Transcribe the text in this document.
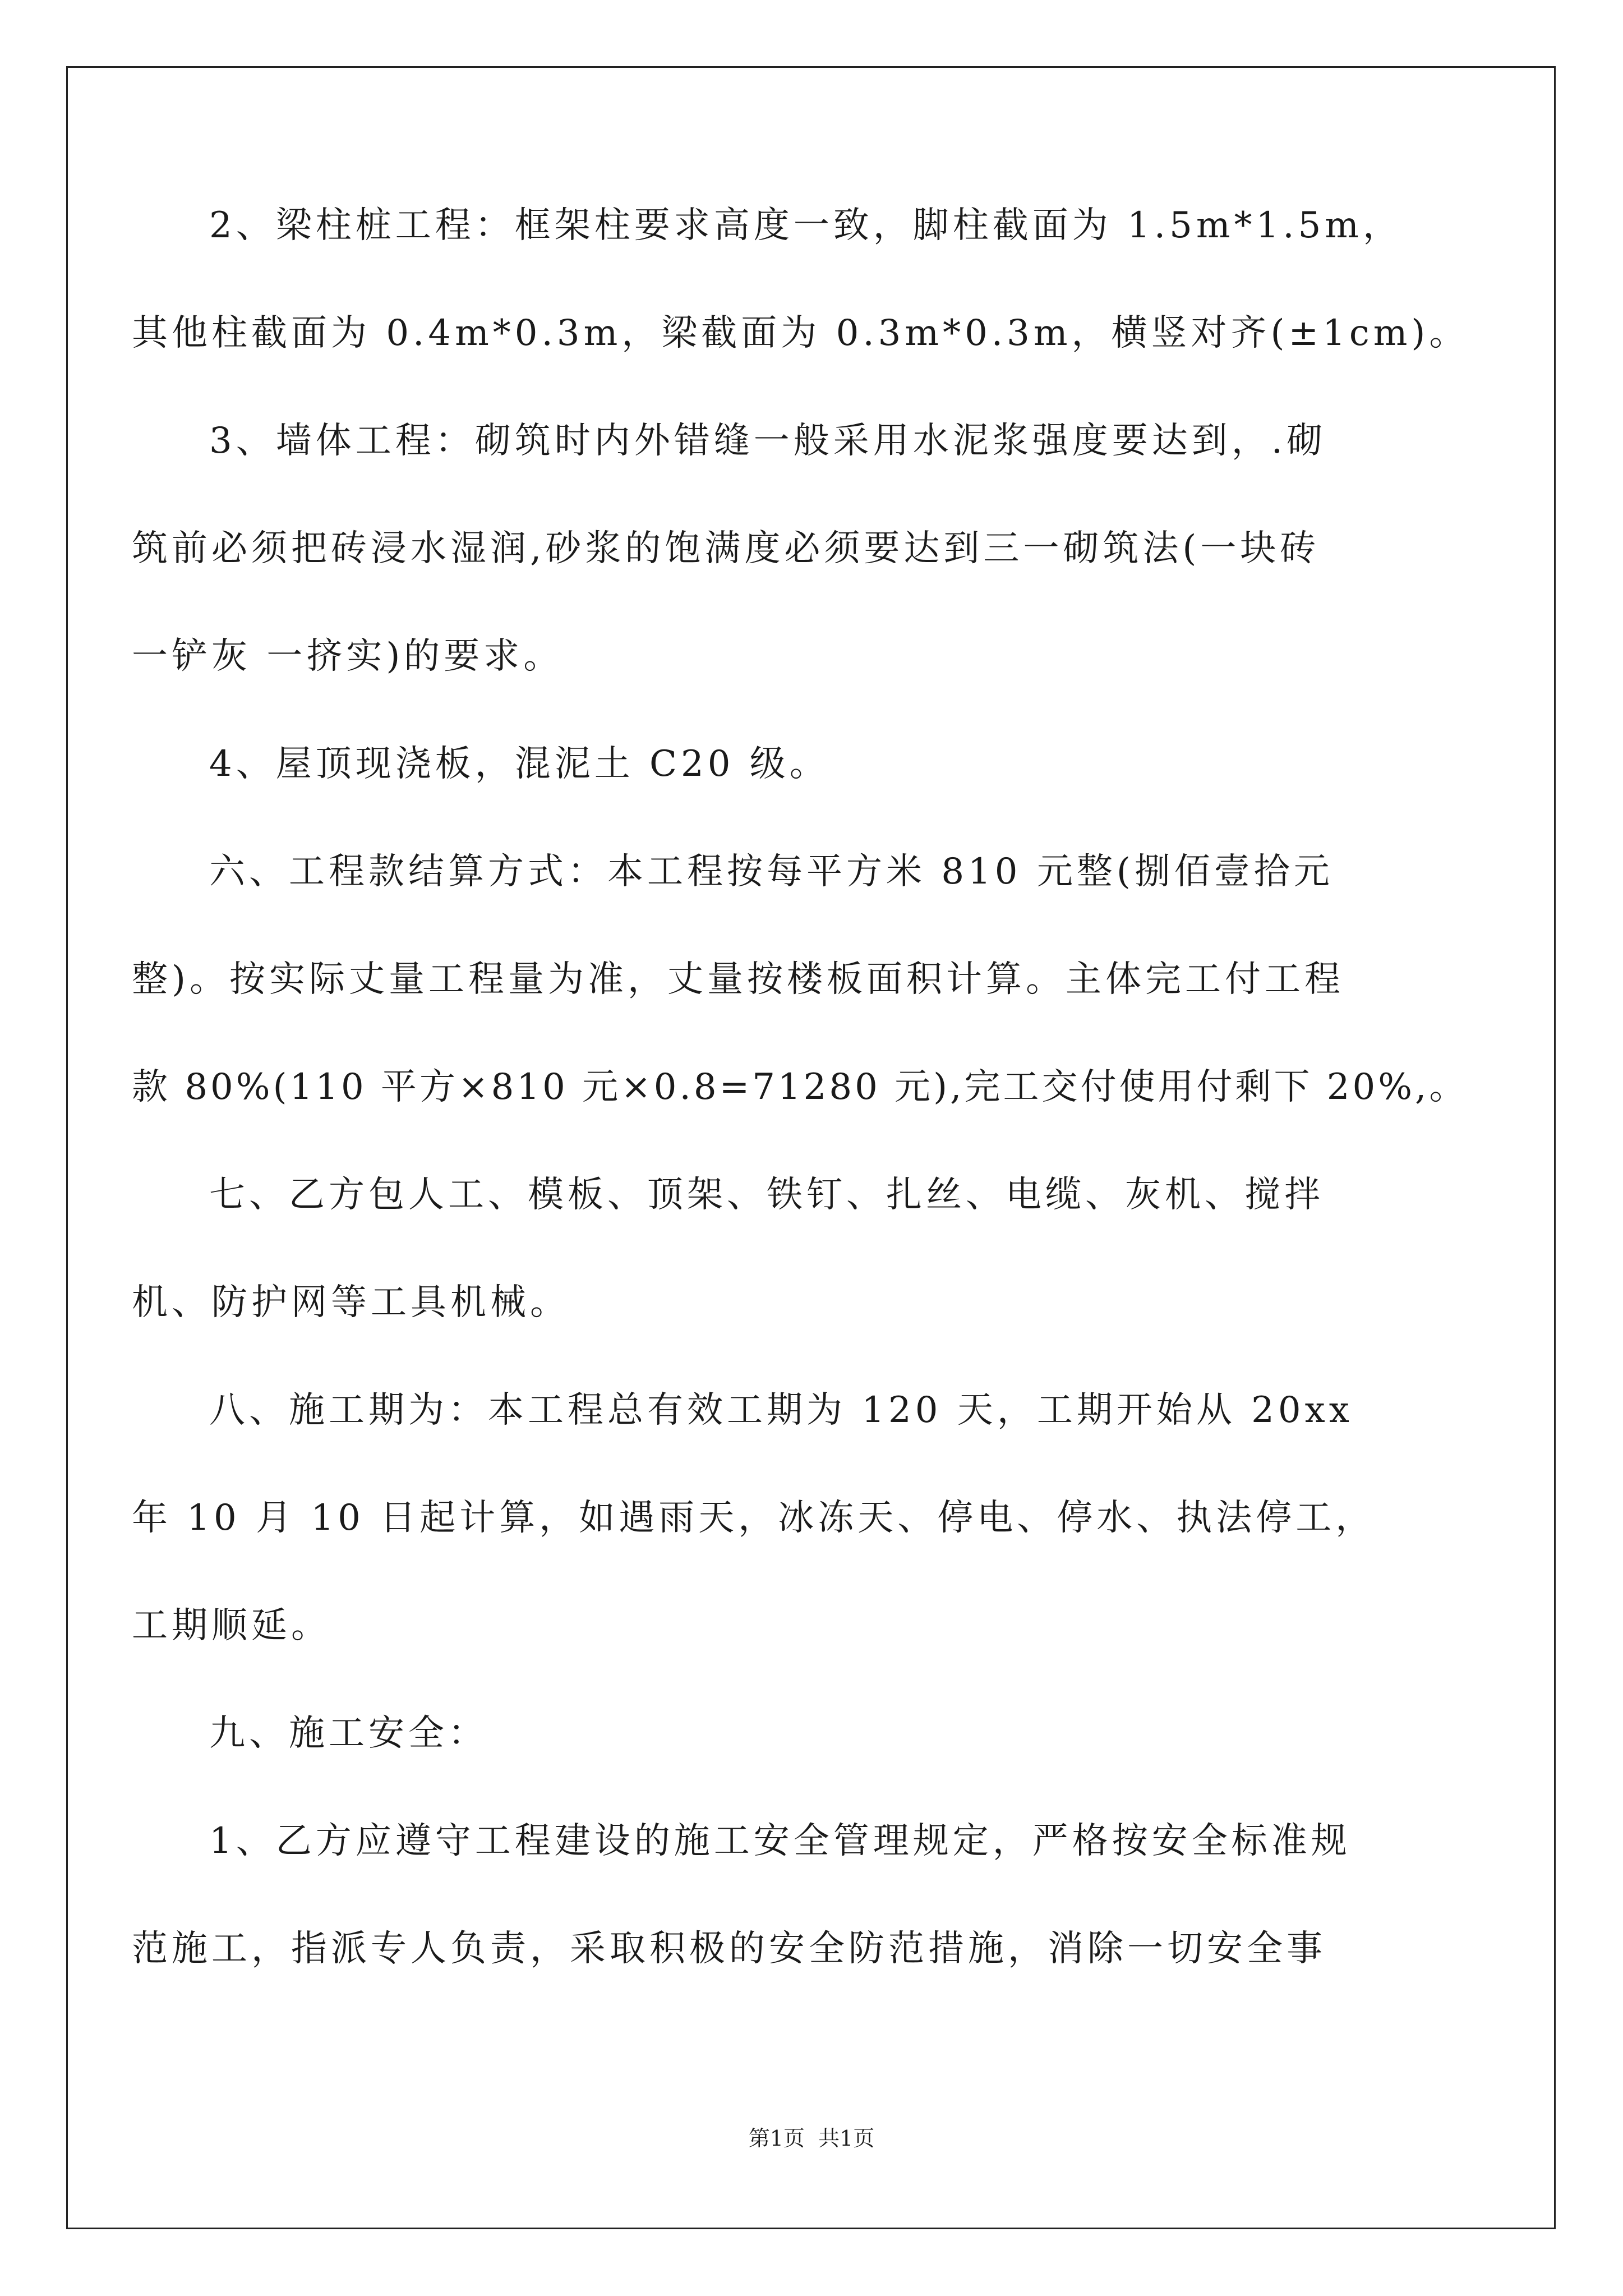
2、梁柱桩工程：框架柱要求高度一致，脚柱截面为 1.5m*1.5m，
其他柱截面为 0.4m*0.3m，梁截面为 0.3m*0.3m，横竖对齐(±1cm)。
3、墙体工程：砌筑时内外错缝一般采用水泥浆强度要达到，.砌
筑前必须把砖浸水湿润,砂浆的饱满度必须要达到三一砌筑法(一块砖
一铲灰 一挤实)的要求。
4、屋顶现浇板，混泥土 C20 级。
六、工程款结算方式：本工程按每平方米 810 元整(捌佰壹拾元
整)。按实际丈量工程量为准，丈量按楼板面积计算。主体完工付工程
款 80%(110 平方×810 元×0.8=71280 元),完工交付使用付剩下 20%,。
七、乙方包人工、模板、顶架、铁钉、扎丝、电缆、灰机、搅拌
机、防护网等工具机械。
八、施工期为：本工程总有效工期为 120 天，工期开始从 20xx
年 10 月 10 日起计算，如遇雨天，冰冻天、停电、停水、执法停工，
工期顺延。
九、施工安全：
1、乙方应遵守工程建设的施工安全管理规定，严格按安全标准规
范施工，指派专人负责，采取积极的安全防范措施，消除一切安全事
第1页  共1页
